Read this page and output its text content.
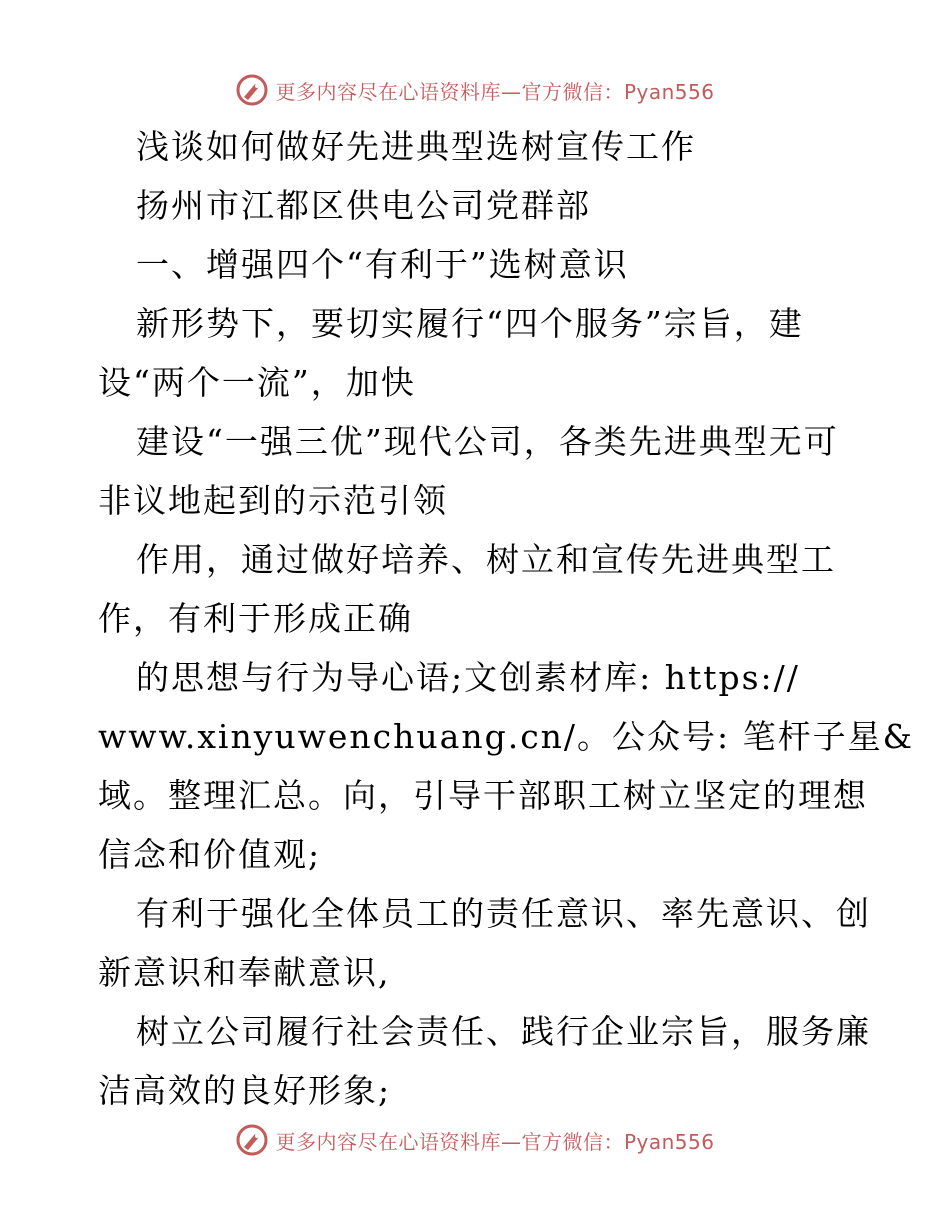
更多内容尽在心语资料库—官方微信：Pyan556
浅谈如何做好先进典型选树宣传工作
扬州市江都区供电公司党群部
一、增强四个“有利于”选树意识
新形势下，要切实履行“四个服务”宗旨，建
设“两个一流”，加快
建设“一强三优”现代公司，各类先进典型无可
非议地起到的示范引领
作用，通过做好培养、树立和宣传先进典型工
作，有利于形成正确
的思想与行为导心语;文创素材库: https://
www.xinyuwenchuang.cn/。公众号: 笔杆子星&
域。整理汇总。向，引导干部职工树立坚定的理想
信念和价值观;
有利于强化全体员工的责任意识、率先意识、创
新意识和奉献意识,
树立公司履行社会责任、践行企业宗旨，服务廉
洁高效的良好形象;
更多内容尽在心语资料库—官方微信：Pyan556
